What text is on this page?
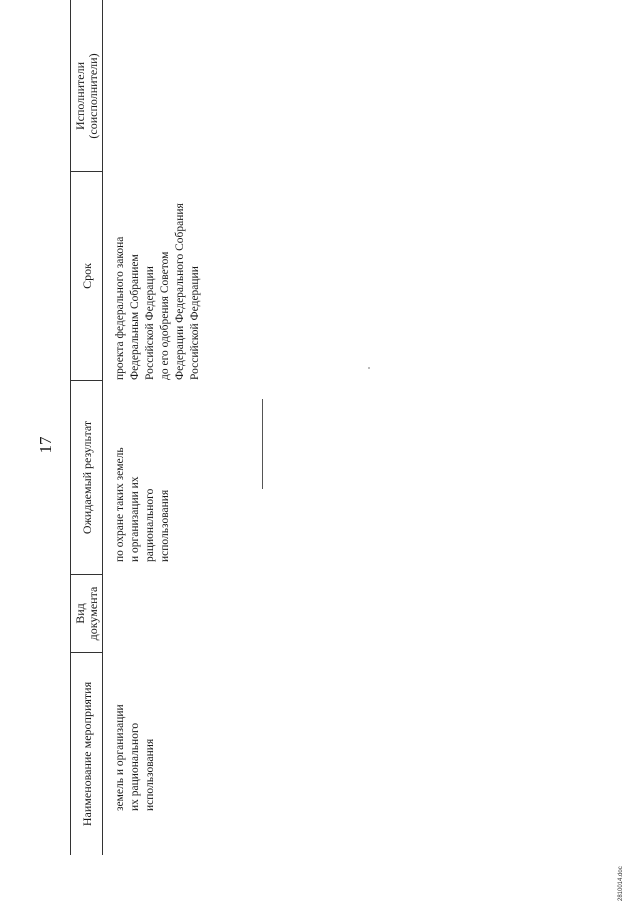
17
Наименование мероприятия
Вид
документа
Ожидаемый результат
Срок
Исполнители
(соисполнители)
земель и организации
их рационального
использования
по охране таких земель
и организации их
рационального
использования
проекта федерального закона
Федеральным Собранием
Российской Федерации
до его одобрения Советом
Федерации Федерального Собрания
Российской Федерации
2810014.doc
